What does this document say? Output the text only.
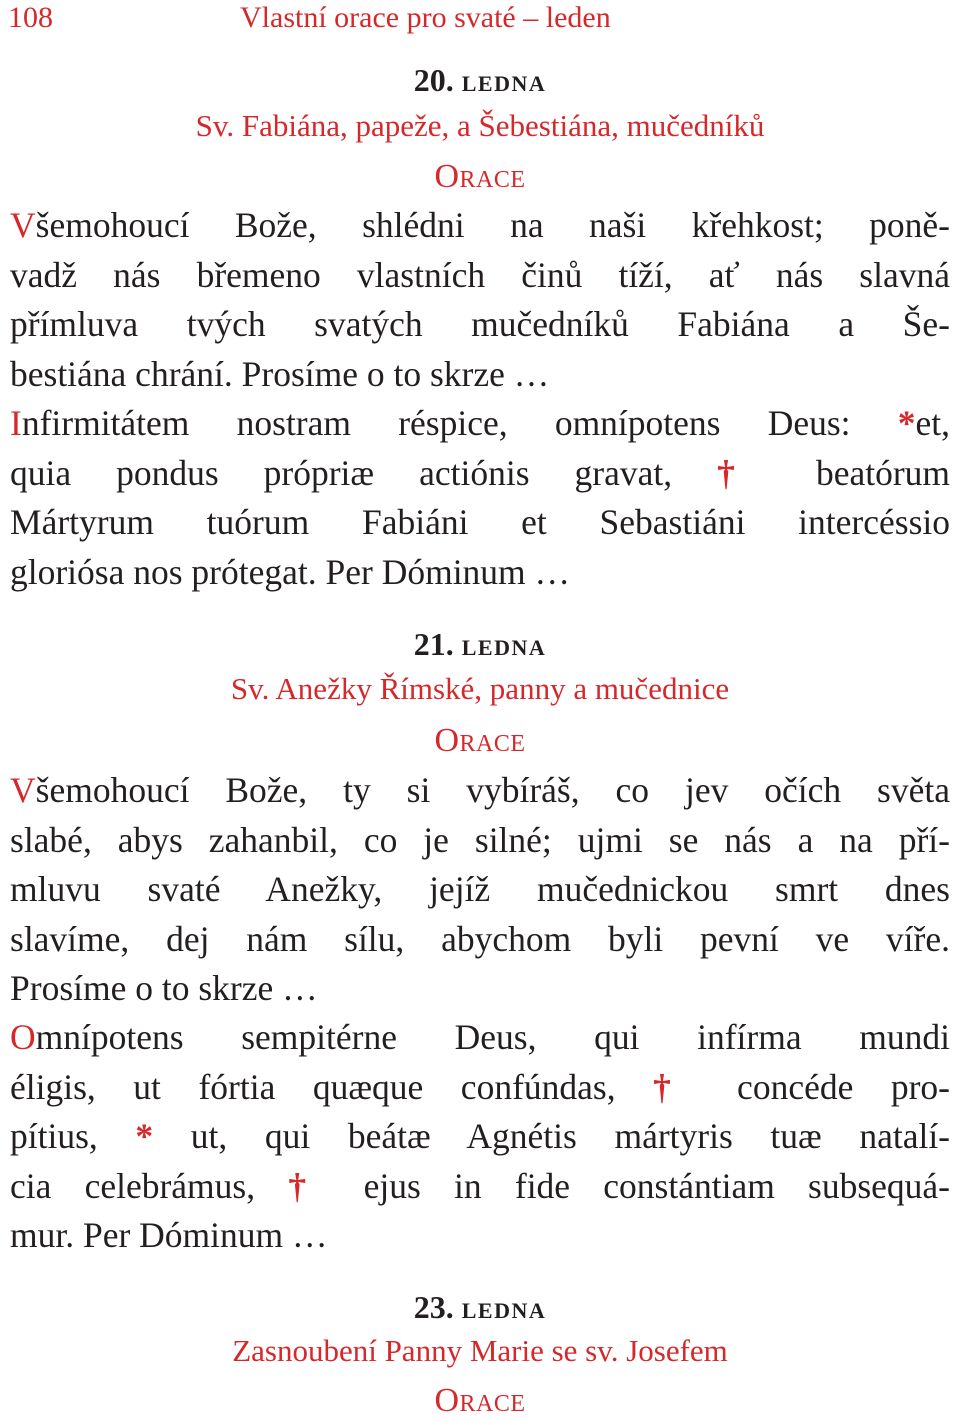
108	Vlastní orace pro svaté – leden
20. ledna
Sv. Fabiána, papeže, a Šebestiána, mučedníků
Orace
Všemohoucí Bože, shlédni na naši křehkost; poně-
vadž nás břemeno vlastních činů tíží, ať nás slavná
přímluva tvých svatých mučedníků Fabiána a Še-
bestiána chrání. Prosíme o to skrze …
Infirmitátem nostram réspice, omnípotens Deus: *et,
quia pondus própriæ actiónis gravat, † beatórum
Mártyrum tuórum Fabiáni et Sebastiáni intercéssio
gloriósa nos prótegat. Per Dóminum …
21. ledna
Sv. Anežky Římské, panny a mučednice
Orace
Všemohoucí Bože, ty si vybíráš, co jev očích světa
slabé, abys zahanbil, co je silné; ujmi se nás a na pří-
mluvu svaté Anežky, jejíž mučednickou smrt dnes
slavíme, dej nám sílu, abychom byli pevní ve víře.
Prosíme o to skrze …
Omnípotens sempitérne Deus, qui infírma mundi
éligis, ut fórtia quæque confúndas, † concéde pro-
pítius, * ut, qui beátæ Agnétis mártyris tuæ natalí-
cia celebrámus, † ejus in fide constántiam subsequá-
mur. Per Dóminum …
23. ledna
Zasnoubení Panny Marie se sv. Josefem
Orace
